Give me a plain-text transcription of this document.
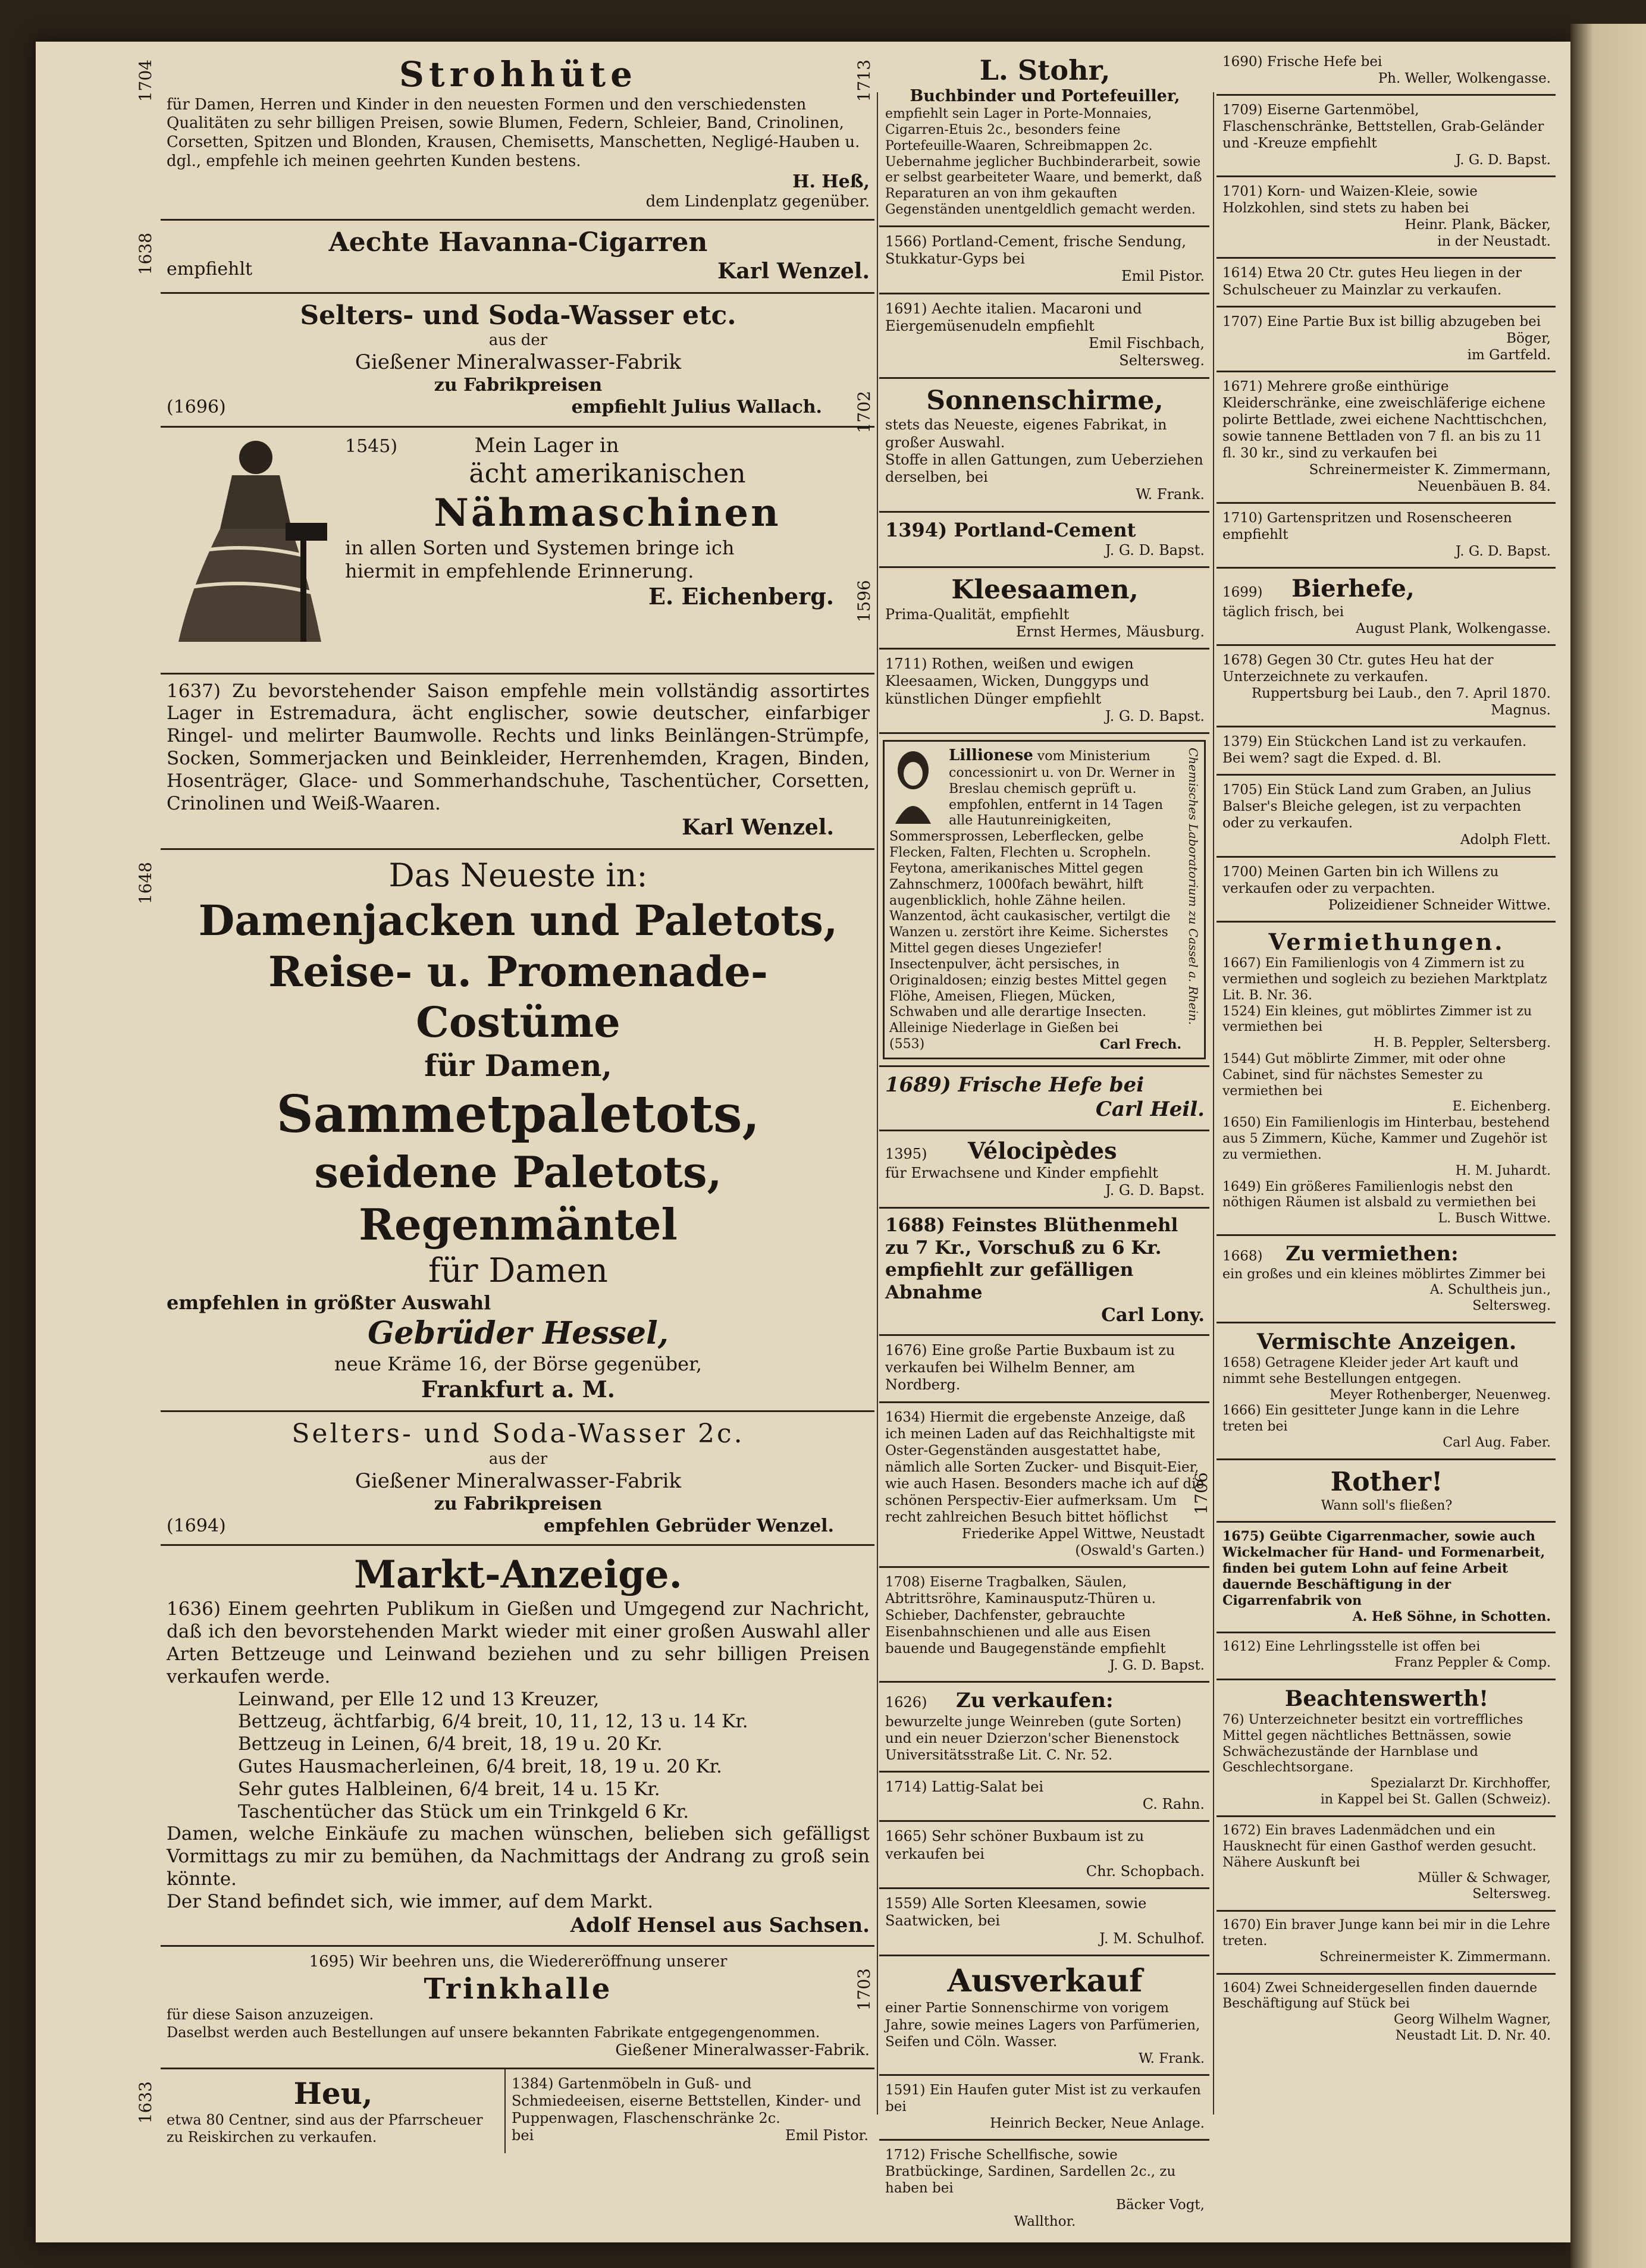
1704	Strohhüte
für Damen, Herren und Kinder in den neuesten Formen und den verschiedensten Qualitäten zu sehr billigen Preisen, sowie Blumen, Federn, Schleier, Band, Crinolinen, Corsetten, Spitzen und Blonden, Krausen, Chemisetts, Manschetten, Negligé-Hauben u. dgl., empfehle ich meinen geehrten Kunden bestens.
H. Heß,
dem Lindenplatz gegenüber.
1638	Aechte Havanna-Cigarren
empfiehlt	Karl Wenzel.
Selters- und Soda-Wasser etc.
aus der
Gießener Mineralwasser-Fabrik
zu Fabrikpreisen
(1696)	empfiehlt Julius Wallach.
1545)	Mein Lager in
ächt amerikanischen
Nähmaschinen
in allen Sorten und Systemen bringe ich
hiermit in empfehlende Erinnerung.
E. Eichenberg.
1637) Zu bevorstehender Saison empfehle mein vollständig assortirtes Lager in Estremadura, ächt englischer, sowie deutscher, einfarbiger Ringel- und melirter Baumwolle. Rechts und links Beinlängen-Strümpfe, Socken, Sommerjacken und Beinkleider, Herrenhemden, Kragen, Binden, Hosenträger, Glace- und Sommerhandschuhe, Taschentücher, Corsetten, Crinolinen und Weiß-Waaren.
Karl Wenzel.
1648	Das Neueste in:
Damenjacken und Paletots,
Reise- u. Promenade-Costüme
für Damen,
Sammetpaletots,
seidene Paletots, Regenmäntel
für Damen
empfehlen in größter Auswahl
Gebrüder Hessel,
neue Kräme 16, der Börse gegenüber,
Frankfurt a. M.
Selters- und Soda-Wasser 2c.
aus der
Gießener Mineralwasser-Fabrik
zu Fabrikpreisen
(1694)	empfehlen Gebrüder Wenzel.
Markt-Anzeige.
1636) Einem geehrten Publikum in Gießen und Umgegend zur Nachricht, daß ich den bevorstehenden Markt wieder mit einer großen Auswahl aller Arten Bettzeuge und Leinwand beziehen und zu sehr billigen Preisen verkaufen werde.
Leinwand, per Elle 12 und 13 Kreuzer,
Bettzeug, ächtfarbig, 6/4 breit, 10, 11, 12, 13 u. 14 Kr.
Bettzeug in Leinen, 6/4 breit, 18, 19 u. 20 Kr.
Gutes Hausmacherleinen, 6/4 breit, 18, 19 u. 20 Kr.
Sehr gutes Halbleinen, 6/4 breit, 14 u. 15 Kr.
Taschentücher das Stück um ein Trinkgeld 6 Kr.
Damen, welche Einkäufe zu machen wünschen, belieben sich gefälligst Vormittags zu mir zu bemühen, da Nachmittags der Andrang zu groß sein könnte.
Der Stand befindet sich, wie immer, auf dem Markt.
Adolf Hensel aus Sachsen.
1695) Wir beehren uns, die Wiedereröffnung unserer
Trinkhalle
für diese Saison anzuzeigen.
Daselbst werden auch Bestellungen auf unsere bekannten Fabrikate entgegengenommen.
Gießener Mineralwasser-Fabrik.
1633	Heu,
etwa 80 Centner, sind aus der Pfarrscheuer zu Reiskirchen zu verkaufen.
1384) Gartenmöbeln in Guß- und Schmiedeeisen, eiserne Bettstellen, Kinder- und Puppenwagen, Flaschenschränke 2c.
bei	Emil Pistor.
1713	L. Stohr,
Buchbinder und Portefeuiller,
empfiehlt sein Lager in Porte-Monnaies, Cigarren-Etuis 2c., besonders feine Portefeuille-Waaren, Schreibmappen 2c. Uebernahme jeglicher Buchbinderarbeit, sowie er selbst gearbeiteter Waare, und bemerkt, daß Reparaturen an von ihm gekauften Gegenständen unentgeldlich gemacht werden.
1566) Portland-Cement, frische Sendung, Stukkatur-Gyps bei
Emil Pistor.
1691) Aechte italien. Macaroni und Eiergemüsenudeln empfiehlt
Emil Fischbach,
Seltersweg.
1702	Sonnenschirme,
stets das Neueste, eigenes Fabrikat, in großer Auswahl.
Stoffe in allen Gattungen, zum Ueberziehen derselben, bei
W. Frank.
1394) Portland-Cement
J. G. D. Bapst.
1596	Kleesaamen,
Prima-Qualität, empfiehlt
Ernst Hermes, Mäusburg.
1711) Rothen, weißen und ewigen Kleesaamen, Wicken, Dunggyps und künstlichen Dünger empfiehlt
J. G. D. Bapst.
Chemisches Laboratorium zu Cassel a. Rhein.
Lillionese vom Ministerium concessionirt u. von Dr. Werner in Breslau chemisch geprüft u. empfohlen, entfernt in 14 Tagen alle Hautunreinigkeiten, Sommersprossen, Leberflecken, gelbe Flecken, Falten, Flechten u. Scropheln.
Feytona, amerikanisches Mittel gegen Zahnschmerz, 1000fach bewährt, hilft augenblicklich, hohle Zähne heilen.
Wanzentod, ächt caukasischer, vertilgt die Wanzen u. zerstört ihre Keime. Sicherstes Mittel gegen dieses Ungeziefer!
Insectenpulver, ächt persisches, in Originaldosen; einzig bestes Mittel gegen Flöhe, Ameisen, Fliegen, Mücken, Schwaben und alle derartige Insecten.
Alleinige Niederlage in Gießen bei
(553)	Carl Frech.
1689) Frische Hefe bei
Carl Heil.
1395) Vélocipèdes
für Erwachsene und Kinder empfiehlt
J. G. D. Bapst.
1688) Feinstes Blüthenmehl zu 7 Kr., Vorschuß zu 6 Kr. empfiehlt zur gefälligen Abnahme
Carl Lony.
1676) Eine große Partie Buxbaum ist zu verkaufen bei Wilhelm Benner, am Nordberg.
1634) Hiermit die ergebenste Anzeige, daß ich meinen Laden auf das Reichhaltigste mit Oster-Gegenständen ausgestattet habe, nämlich alle Sorten Zucker- und Bisquit-Eier, wie auch Hasen. Besonders mache ich auf die schönen Perspectiv-Eier aufmerksam. Um recht zahlreichen Besuch bittet höflichst
Friederike Appel Wittwe, Neustadt
(Oswald's Garten.)
1708) Eiserne Tragbalken, Säulen, Abtrittsröhre, Kaminausputz-Thüren u. Schieber, Dachfenster, gebrauchte Eisenbahnschienen und alle aus Eisen bauende und Baugegenstände empfiehlt
J. G. D. Bapst.
1626) Zu verkaufen:
bewurzelte junge Weinreben (gute Sorten) und ein neuer Dzierzon'scher Bienenstock Universitätsstraße Lit. C. Nr. 52.
1714) Lattig-Salat bei
C. Rahn.
1665) Sehr schöner Buxbaum ist zu verkaufen bei
Chr. Schopbach.
1559) Alle Sorten Kleesamen, sowie Saatwicken, bei
J. M. Schulhof.
1703	Ausverkauf
einer Partie Sonnenschirme von vorigem Jahre, sowie meines Lagers von Parfümerien, Seifen und Cöln. Wasser.
W. Frank.
1591) Ein Haufen guter Mist ist zu verkaufen bei
Heinrich Becker, Neue Anlage.
1712) Frische Schellfische, sowie Bratbückinge, Sardinen, Sardellen 2c., zu haben bei
Bäcker Vogt,
Wallthor.
1690) Frische Hefe bei
Ph. Weller, Wolkengasse.
1709) Eiserne Gartenmöbel, Flaschenschränke, Bettstellen, Grab-Geländer und -Kreuze empfiehlt
J. G. D. Bapst.
1701) Korn- und Waizen-Kleie, sowie Holzkohlen, sind stets zu haben bei
Heinr. Plank, Bäcker,
in der Neustadt.
1614) Etwa 20 Ctr. gutes Heu liegen in der Schulscheuer zu Mainzlar zu verkaufen.
1707) Eine Partie Bux ist billig abzugeben bei
Böger,
im Gartfeld.
1671) Mehrere große einthürige Kleiderschränke, eine zweischläferige eichene polirte Bettlade, zwei eichene Nachttischchen, sowie tannene Bettladen von 7 fl. an bis zu 11 fl. 30 kr., sind zu verkaufen bei
Schreinermeister K. Zimmermann,
Neuenbäuen B. 84.
1710) Gartenspritzen und Rosenscheeren empfiehlt
J. G. D. Bapst.
1699) Bierhefe,
täglich frisch, bei
August Plank, Wolkengasse.
1678) Gegen 30 Ctr. gutes Heu hat der Unterzeichnete zu verkaufen.
Ruppertsburg bei Laub., den 7. April 1870.
Magnus.
1379) Ein Stückchen Land ist zu verkaufen. Bei wem? sagt die Exped. d. Bl.
1705) Ein Stück Land zum Graben, an Julius Balser's Bleiche gelegen, ist zu verpachten oder zu verkaufen.
Adolph Flett.
1700) Meinen Garten bin ich Willens zu verkaufen oder zu verpachten.
Polizeidiener Schneider Wittwe.
Vermiethungen.
1667) Ein Familienlogis von 4 Zimmern ist zu vermiethen und sogleich zu beziehen Marktplatz Lit. B. Nr. 36.
1524) Ein kleines, gut möblirtes Zimmer ist zu vermiethen bei
H. B. Peppler, Seltersberg.
1544) Gut möblirte Zimmer, mit oder ohne Cabinet, sind für nächstes Semester zu vermiethen bei
E. Eichenberg.
1650) Ein Familienlogis im Hinterbau, bestehend aus 5 Zimmern, Küche, Kammer und Zugehör ist zu vermiethen.
H. M. Juhardt.
1649) Ein größeres Familienlogis nebst den nöthigen Räumen ist alsbald zu vermiethen bei
L. Busch Wittwe.
1668) Zu vermiethen:
ein großes und ein kleines möblirtes Zimmer bei
A. Schultheis jun.,
Seltersweg.
Vermischte Anzeigen.
1658) Getragene Kleider jeder Art kauft und nimmt sehe Bestellungen entgegen.
Meyer Rothenberger, Neuenweg.
1666) Ein gesitteter Junge kann in die Lehre treten bei
Carl Aug. Faber.
1706	Rother!
Wann soll's fließen?
1675) Geübte Cigarrenmacher, sowie auch Wickelmacher für Hand- und Formenarbeit, finden bei gutem Lohn auf feine Arbeit dauernde Beschäftigung in der Cigarrenfabrik von
A. Heß Söhne, in Schotten.
1612) Eine Lehrlingsstelle ist offen bei
Franz Peppler & Comp.
Beachtenswerth!
76) Unterzeichneter besitzt ein vortreffliches Mittel gegen nächtliches Bettnässen, sowie Schwächezustände der Harnblase und Geschlechtsorgane.
Spezialarzt Dr. Kirchhoffer,
in Kappel bei St. Gallen (Schweiz).
1672) Ein braves Ladenmädchen und ein Hausknecht für einen Gasthof werden gesucht. Nähere Auskunft bei
Müller & Schwager,
Seltersweg.
1670) Ein braver Junge kann bei mir in die Lehre treten.
Schreinermeister K. Zimmermann.
1604) Zwei Schneidergesellen finden dauernde Beschäftigung auf Stück bei
Georg Wilhelm Wagner,
Neustadt Lit. D. Nr. 40.
